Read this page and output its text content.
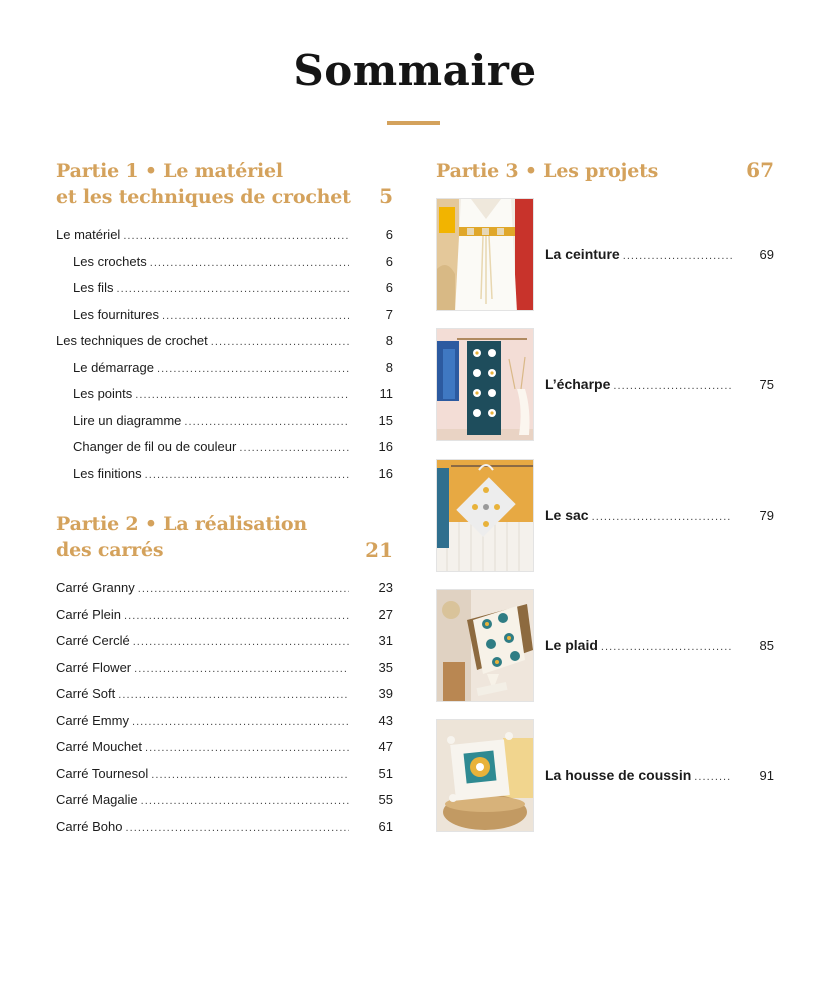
Sommaire
Partie 1 • Le matériel
et les techniques de crochet	5
Le matériel . . .	6
Les crochets . . .	6
Les fils . . .	6
Les fournitures . . .	7
Les techniques de crochet . . .	8
Le démarrage . . .	8
Les points . . .	11
Lire un diagramme . . .	15
Changer de fil ou de couleur . . .	16
Les finitions . . .	16
Partie 2 • La réalisation
des carrés	21
Carré Granny . . .	23
Carré Plein . . .	27
Carré Cerclé . . .	31
Carré Flower . . .	35
Carré Soft . . .	39
Carré Emmy . . .	43
Carré Mouchet . . .	47
Carré Tournesol . . .	51
Carré Magalie . . .	55
Carré Boho . . .	61
Partie 3 • Les projets	67
La ceinture . . .	69
L’écharpe . . .	75
Le sac . . .	79
Le plaid . . .	85
La housse de coussin . . .	91
